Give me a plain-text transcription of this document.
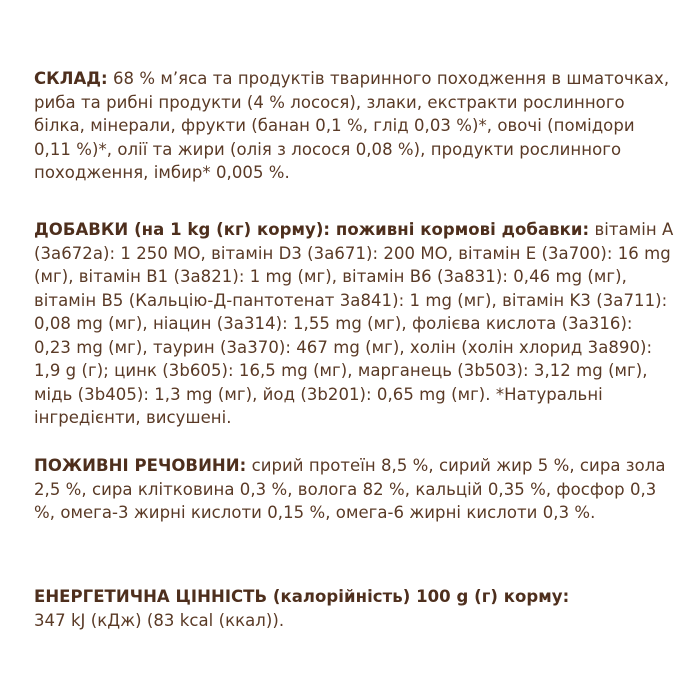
СКЛАД: 68 % м’яса та продуктів тваринного походження в шматочках, риба та рибні продукти (4 % лосося), злаки, екстракти рослинного білка, мінерали, фрукти (банан 0,1 %, глід 0,03 %)*, овочі (помідори 0,11 %)*, олії та жири (олія з лосося 0,08 %), продукти рослинного походження, імбир* 0,005 %.

ДОБАВКИ (на 1 kg (кг) корму): поживні кормові добавки: вітамін A (3a672a): 1 250 МО, вітамін D3 (3a671): 200 МО, вітамін E (3a700): 16 mg (мг), вітамін B1 (3a821): 1 mg (мг), вітамін B6 (3a831): 0,46 mg (мг), вітамін B5 (Кальцію-Д-пантотенат 3a841): 1 mg (мг), вітамін K3 (3a711): 0,08 mg (мг), ніацин (3a314): 1,55 mg (мг), фолієва кислота (3a316): 0,23 mg (мг), таурин (3a370): 467 mg (мг), холін (холін хлорид 3a890): 1,9 g (г); цинк (3b605): 16,5 mg (мг), марганець (3b503): 3,12 mg (мг), мідь (3b405): 1,3 mg (мг), йод (3b201): 0,65 mg (мг). *Натуральні інгредієнти, висушені.

ПОЖИВНІ РЕЧОВИНИ: сирий протеїн 8,5 %, сирий жир 5 %, сира зола 2,5 %, сира клітковина 0,3 %, волога 82 %, кальцій 0,35 %, фосфор 0,3 %, омега-3 жирні кислоти 0,15 %, омега-6 жирні кислоти 0,3 %.

ЕНЕРГЕТИЧНА ЦІННІСТЬ (калорійність) 100 g (г) корму:
347 kJ (кДж) (83 kcal (ккал)).
